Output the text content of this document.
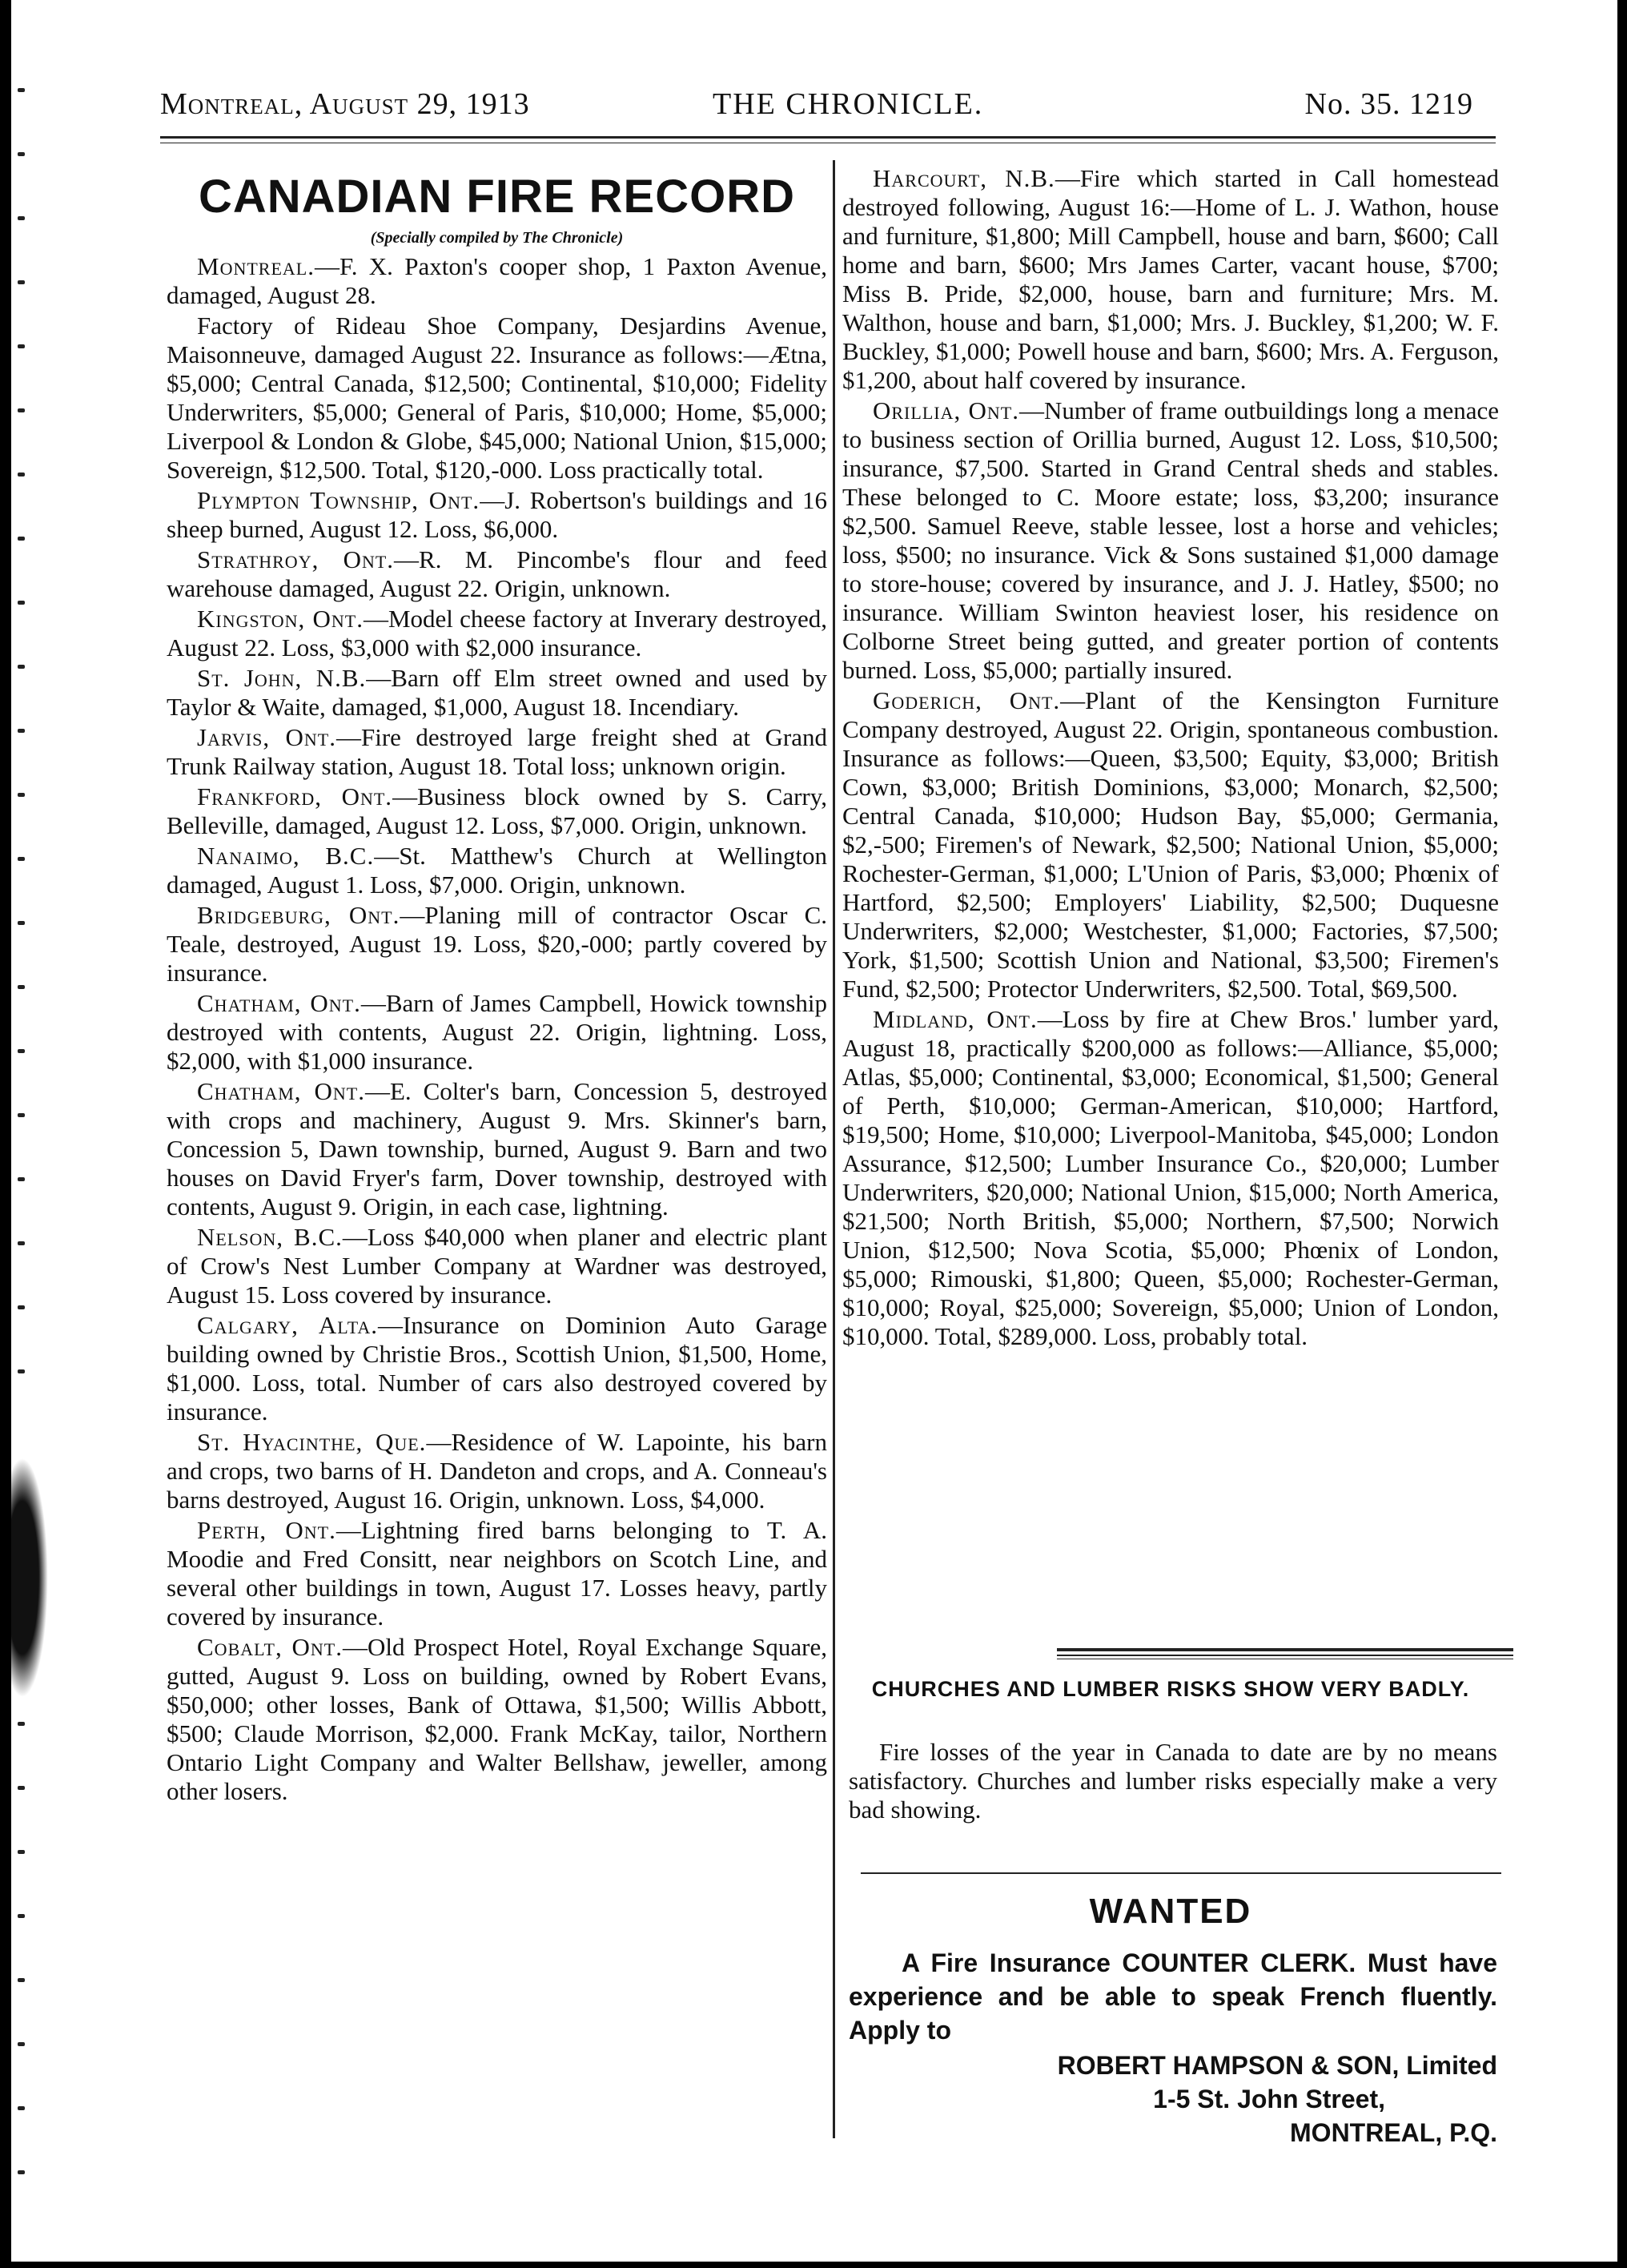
Montreal, August 29, 1913	THE CHRONICLE.	No. 35. 1219
CANADIAN FIRE RECORD
(Specially compiled by The Chronicle)

Montreal.—F. X. Paxton's cooper shop, 1 Paxton Avenue, damaged, August 28.

Factory of Rideau Shoe Company, Desjardins Avenue, Maisonneuve, damaged August 22. Insurance as follows:—Ætna, $5,000; Central Canada, $12,500; Continental, $10,000; Fidelity Underwriters, $5,000; General of Paris, $10,000; Home, $5,000; Liverpool & London & Globe, $45,000; National Union, $15,000; Sovereign, $12,500. Total, $120,-000. Loss practically total.

Plympton Township, Ont.—J. Robertson's buildings and 16 sheep burned, August 12. Loss, $6,000.

Strathroy, Ont.—R. M. Pincombe's flour and feed warehouse damaged, August 22. Origin, unknown.

Kingston, Ont.—Model cheese factory at Inverary destroyed, August 22. Loss, $3,000 with $2,000 insurance.

St. John, N.B.—Barn off Elm street owned and used by Taylor & Waite, damaged, $1,000, August 18. Incendiary.

Jarvis, Ont.—Fire destroyed large freight shed at Grand Trunk Railway station, August 18. Total loss; unknown origin.

Frankford, Ont.—Business block owned by S. Carry, Belleville, damaged, August 12. Loss, $7,000. Origin, unknown.

Nanaimo, B.C.—St. Matthew's Church at Wellington damaged, August 1. Loss, $7,000. Origin, unknown.

Bridgeburg, Ont.—Planing mill of contractor Oscar C. Teale, destroyed, August 19. Loss, $20,-000; partly covered by insurance.

Chatham, Ont.—Barn of James Campbell, Howick township destroyed with contents, August 22. Origin, lightning. Loss, $2,000, with $1,000 insurance.

Chatham, Ont.—E. Colter's barn, Concession 5, destroyed with crops and machinery, August 9. Mrs. Skinner's barn, Concession 5, Dawn township, burned, August 9. Barn and two houses on David Fryer's farm, Dover township, destroyed with contents, August 9. Origin, in each case, lightning.

Nelson, B.C.—Loss $40,000 when planer and electric plant of Crow's Nest Lumber Company at Wardner was destroyed, August 15. Loss covered by insurance.

Calgary, Alta.—Insurance on Dominion Auto Garage building owned by Christie Bros., Scottish Union, $1,500, Home, $1,000. Loss, total. Number of cars also destroyed covered by insurance.

St. Hyacinthe, Que.—Residence of W. Lapointe, his barn and crops, two barns of H. Dandeton and crops, and A. Conneau's barns destroyed, August 16. Origin, unknown. Loss, $4,000.

Perth, Ont.—Lightning fired barns belonging to T. A. Moodie and Fred Consitt, near neighbors on Scotch Line, and several other buildings in town, August 17. Losses heavy, partly covered by insurance.

Cobalt, Ont.—Old Prospect Hotel, Royal Exchange Square, gutted, August 9. Loss on building, owned by Robert Evans, $50,000; other losses, Bank of Ottawa, $1,500; Willis Abbott, $500; Claude Morrison, $2,000. Frank McKay, tailor, Northern Ontario Light Company and Walter Bellshaw, jeweller, among other losers.

Harcourt, N.B.—Fire which started in Call homestead destroyed following, August 16:—Home of L. J. Wathon, house and furniture, $1,800; Mill Campbell, house and barn, $600; Call home and barn, $600; Mrs James Carter, vacant house, $700; Miss B. Pride, $2,000, house, barn and furniture; Mrs. M. Walthon, house and barn, $1,000; Mrs. J. Buckley, $1,200; W. F. Buckley, $1,000; Powell house and barn, $600; Mrs. A. Ferguson, $1,200, about half covered by insurance.

Orillia, Ont.—Number of frame outbuildings long a menace to business section of Orillia burned, August 12. Loss, $10,500; insurance, $7,500. Started in Grand Central sheds and stables. These belonged to C. Moore estate; loss, $3,200; insurance $2,500. Samuel Reeve, stable lessee, lost a horse and vehicles; loss, $500; no insurance. Vick & Sons sustained $1,000 damage to store-house; covered by insurance, and J. J. Hatley, $500; no insurance. William Swinton heaviest loser, his residence on Colborne Street being gutted, and greater portion of contents burned. Loss, $5,000; partially insured.

Goderich, Ont.—Plant of the Kensington Furniture Company destroyed, August 22. Origin, spontaneous combustion. Insurance as follows:—Queen, $3,500; Equity, $3,000; British Cown, $3,000; British Dominions, $3,000; Monarch, $2,500; Central Canada, $10,000; Hudson Bay, $5,000; Germania, $2,-500; Firemen's of Newark, $2,500; National Union, $5,000; Rochester-German, $1,000; L'Union of Paris, $3,000; Phœnix of Hartford, $2,500; Employers' Liability, $2,500; Duquesne Underwriters, $2,000; Westchester, $1,000; Factories, $7,500; York, $1,500; Scottish Union and National, $3,500; Firemen's Fund, $2,500; Protector Underwriters, $2,500. Total, $69,500.

Midland, Ont.—Loss by fire at Chew Bros.' lumber yard, August 18, practically $200,000 as follows:—Alliance, $5,000; Atlas, $5,000; Continental, $3,000; Economical, $1,500; General of Perth, $10,000; German-American, $10,000; Hartford, $19,500; Home, $10,000; Liverpool-Manitoba, $45,000; London Assurance, $12,500; Lumber Insurance Co., $20,000; Lumber Underwriters, $20,000; National Union, $15,000; North America, $21,500; North British, $5,000; Northern, $7,500; Norwich Union, $12,500; Nova Scotia, $5,000; Phœnix of London, $5,000; Rimouski, $1,800; Queen, $5,000; Rochester-German, $10,000; Royal, $25,000; Sovereign, $5,000; Union of London, $10,000. Total, $289,000. Loss, probably total.

CHURCHES AND LUMBER RISKS SHOW VERY BADLY.
Fire losses of the year in Canada to date are by no means satisfactory. Churches and lumber risks especially make a very bad showing.
WANTED
A Fire Insurance COUNTER CLERK. Must have experience and be able to speak French fluently. Apply to
ROBERT HAMPSON & SON, Limited
1-5 St. John Street,
MONTREAL, P.Q.
